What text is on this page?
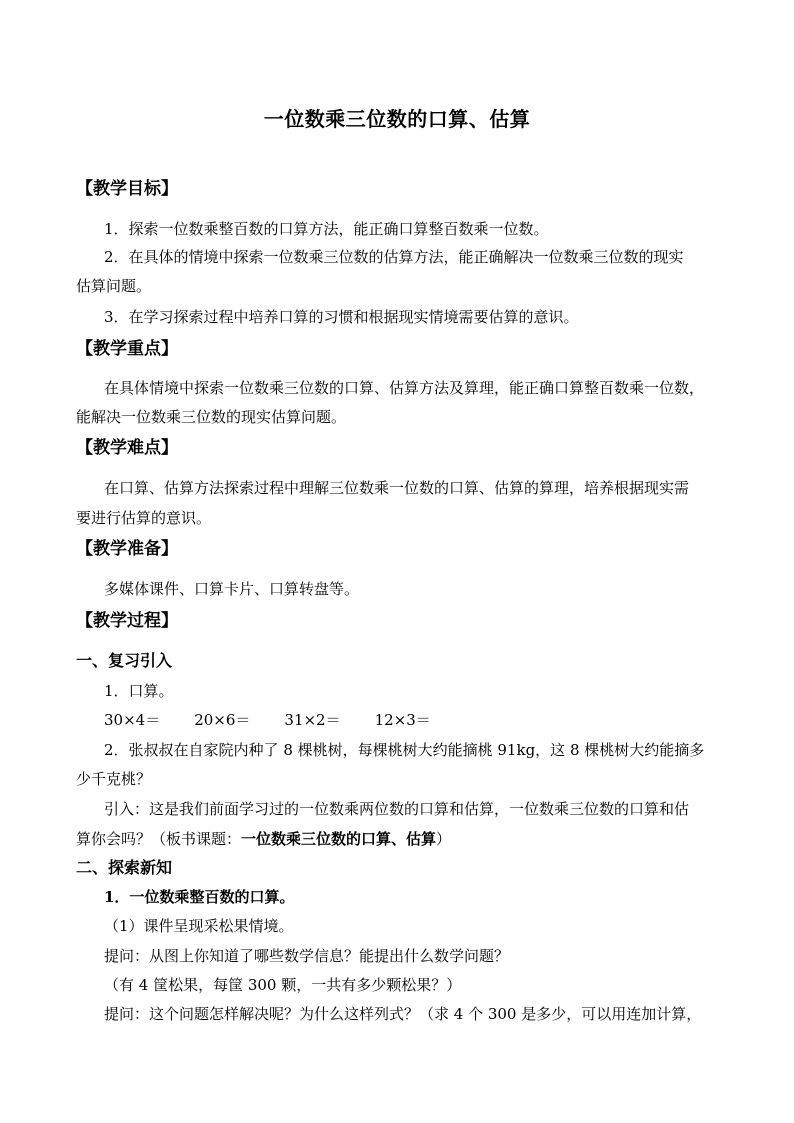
一位数乘三位数的口算、估算
【教学目标】
1．探索一位数乘整百数的口算方法，能正确口算整百数乘一位数。
2．在具体的情境中探索一位数乘三位数的估算方法，能正确解决一位数乘三位数的现实
估算问题。
3．在学习探索过程中培养口算的习惯和根据现实情境需要估算的意识。
【教学重点】
在具体情境中探索一位数乘三位数的口算、估算方法及算理，能正确口算整百数乘一位数，
能解决一位数乘三位数的现实估算问题。
【教学难点】
在口算、估算方法探索过程中理解三位数乘一位数的口算、估算的算理，培养根据现实需
要进行估算的意识。
【教学准备】
多媒体课件、口算卡片、口算转盘等。
【教学过程】
一、复习引入
1．口算。
30×4＝ 20×6＝ 31×2＝ 12×3＝
2．张叔叔在自家院内种了 8 棵桃树，每棵桃树大约能摘桃 91kg，这 8 棵桃树大约能摘多
少千克桃？
引入：这是我们前面学习过的一位数乘两位数的口算和估算，一位数乘三位数的口算和估
算你会吗？（板书课题：一位数乘三位数的口算、估算）
二、探索新知
1．一位数乘整百数的口算。
（1）课件呈现采松果情境。
提问：从图上你知道了哪些数学信息？能提出什么数学问题？
（有 4 筐松果，每筐 300 颗，一共有多少颗松果？）
提问：这个问题怎样解决呢？为什么这样列式？（求 4 个 300 是多少，可以用连加计算，
